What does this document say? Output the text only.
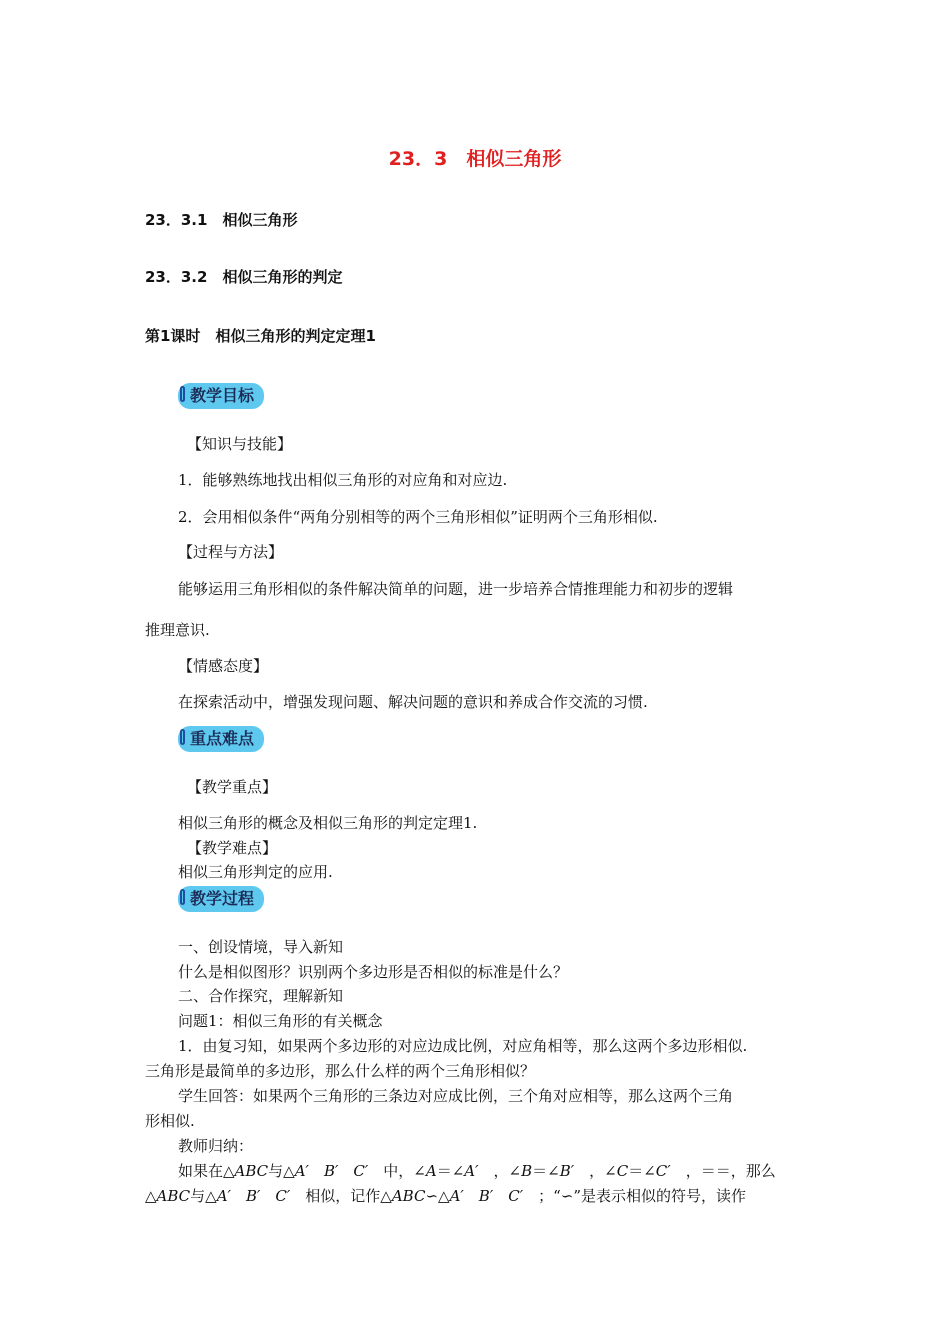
23．3　相似三角形
23．3.1　相似三角形
23．3.2　相似三角形的判定
第1课时　相似三角形的判定定理1
教学目标
【知识与技能】
1．能够熟练地找出相似三角形的对应角和对应边.
2．会用相似条件“两角分别相等的两个三角形相似”证明两个三角形相似.
【过程与方法】
能够运用三角形相似的条件解决简单的问题，进一步培养合情推理能力和初步的逻辑
推理意识.
【情感态度】
在探索活动中，增强发现问题、解决问题的意识和养成合作交流的习惯.
重点难点
【教学重点】
相似三角形的概念及相似三角形的判定定理1.
【教学难点】
相似三角形判定的应用.
教学过程
一、创设情境，导入新知
什么是相似图形？识别两个多边形是否相似的标准是什么？
二、合作探究，理解新知
问题1：相似三角形的有关概念
1．由复习知，如果两个多边形的对应边成比例，对应角相等，那么这两个多边形相似.
三角形是最简单的多边形，那么什么样的两个三角形相似？
学生回答：如果两个三角形的三条边对应成比例，三个角对应相等，那么这两个三角
形相似.
教师归纳：
如果在△ABC与△A′　B′　C′　中，∠A＝∠A′　，∠B＝∠B′　，∠C＝∠C′　，＝＝，那么
△ABC与△A′　B′　C′　相似，记作△ABC∽△A′　B′　C′　；“∽”是表示相似的符号，读作
